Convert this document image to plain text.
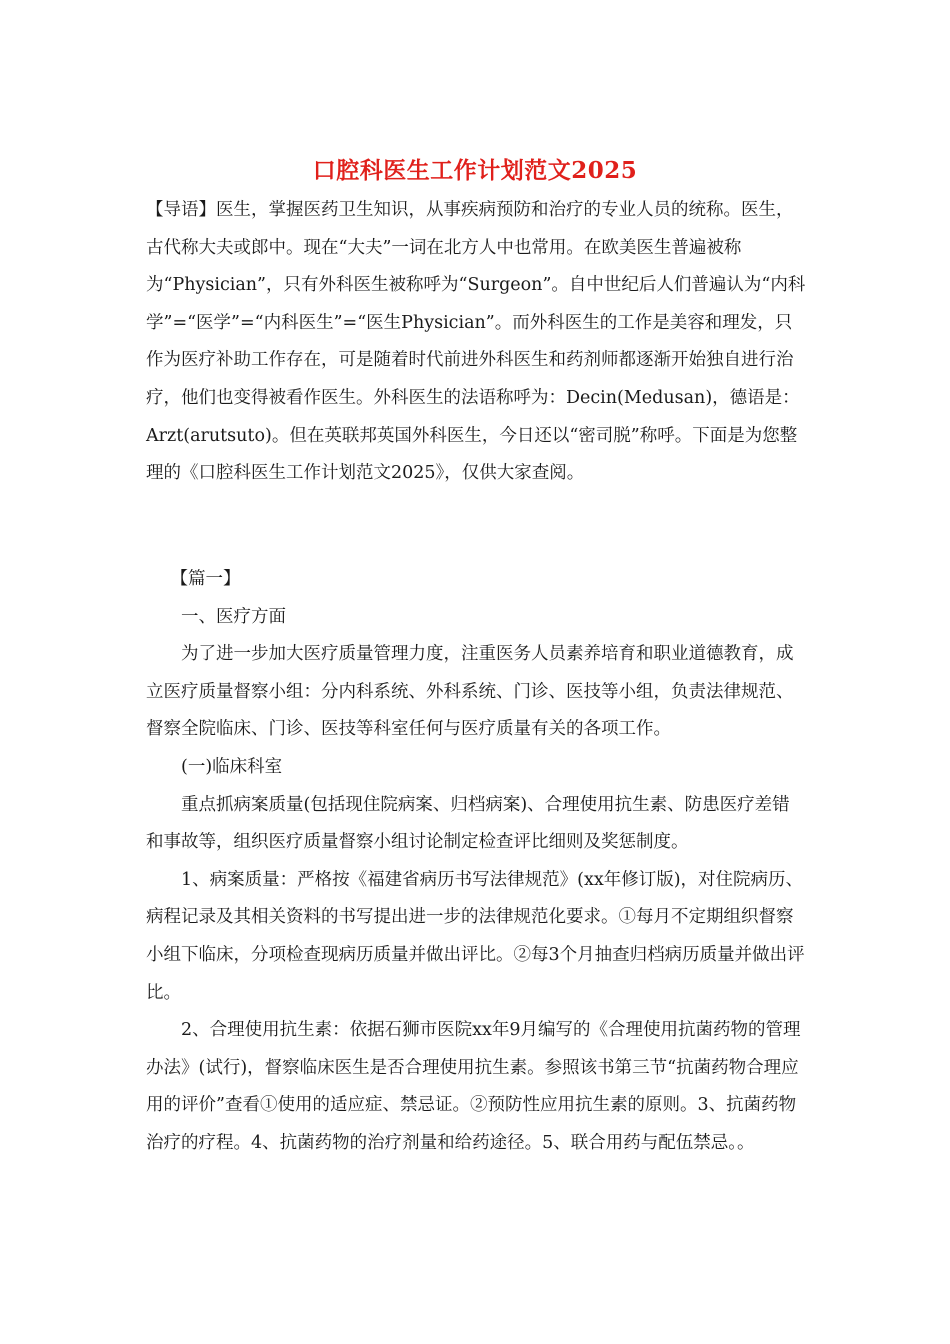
口腔科医生工作计划范文2025

【导语】医生，掌握医药卫生知识，从事疾病预防和治疗的专业人员的统称。医生，古代称大夫或郎中。现在“大夫”一词在北方人中也常用。在欧美医生普遍被称为“Physician”，只有外科医生被称呼为“Surgeon”。自中世纪后人们普遍认为“内科学”=“医学”=“内科医生”=“医生Physician”。而外科医生的工作是美容和理发，只作为医疗补助工作存在，可是随着时代前进外科医生和药剂师都逐渐开始独自进行治疗，他们也变得被看作医生。外科医生的法语称呼为：Decin(Medusan)，德语是：Arzt(arutsuto)。但在英联邦英国外科医生，今日还以“密司脱”称呼。下面是为您整理的《口腔科医生工作计划范文2025》，仅供大家查阅。

【篇一】

一、医疗方面

为了进一步加大医疗质量管理力度，注重医务人员素养培育和职业道德教育，成立医疗质量督察小组：分内科系统、外科系统、门诊、医技等小组，负责法律规范、督察全院临床、门诊、医技等科室任何与医疗质量有关的各项工作。

(一)临床科室

重点抓病案质量(包括现住院病案、归档病案)、合理使用抗生素、防患医疗差错和事故等，组织医疗质量督察小组讨论制定检查评比细则及奖惩制度。

1、病案质量：严格按《福建省病历书写法律规范》(xx年修订版)，对住院病历、病程记录及其相关资料的书写提出进一步的法律规范化要求。①每月不定期组织督察小组下临床，分项检查现病历质量并做出评比。②每3个月抽查归档病历质量并做出评比。

2、合理使用抗生素：依据石狮市医院xx年9月编写的《合理使用抗菌药物的管理办法》(试行)，督察临床医生是否合理使用抗生素。参照该书第三节“抗菌药物合理应用的评价”查看①使用的适应症、禁忌证。②预防性应用抗生素的原则。3、抗菌药物治疗的疗程。4、抗菌药物的治疗剂量和给药途径。5、联合用药与配伍禁忌。。
